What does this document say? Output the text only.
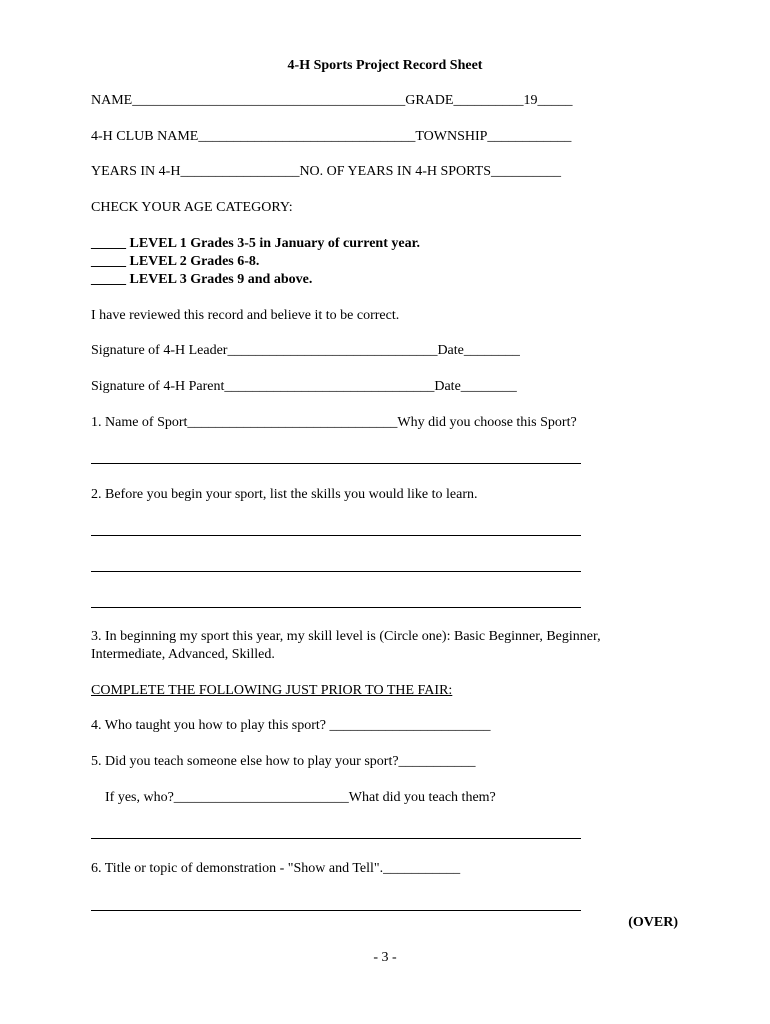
4-H Sports Project Record Sheet
NAME_______________________________________GRADE__________19_____
4-H CLUB NAME_______________________________TOWNSHIP____________
YEARS IN 4-H_________________NO. OF YEARS IN 4-H SPORTS__________
CHECK YOUR AGE CATEGORY:
_____ LEVEL 1 Grades 3-5 in January of current year.
_____ LEVEL 2 Grades 6-8.
_____ LEVEL 3 Grades 9 and above.
I have reviewed this record and believe it to be correct.
Signature of 4-H Leader______________________________Date________
Signature of 4-H Parent______________________________Date________
1. Name of Sport______________________________Why did you choose this Sport?
2. Before you begin your sport, list the skills you would like to learn.
3. In beginning my sport this year, my skill level is (Circle one): Basic Beginner, Beginner,
Intermediate, Advanced, Skilled.
COMPLETE THE FOLLOWING JUST PRIOR TO THE FAIR:
4. Who taught you how to play this sport? _______________________
5. Did you teach someone else how to play your sport?___________
If yes, who?_________________________What did you teach them?
6. Title or topic of demonstration - "Show and Tell".___________
(OVER)
- 3 -
